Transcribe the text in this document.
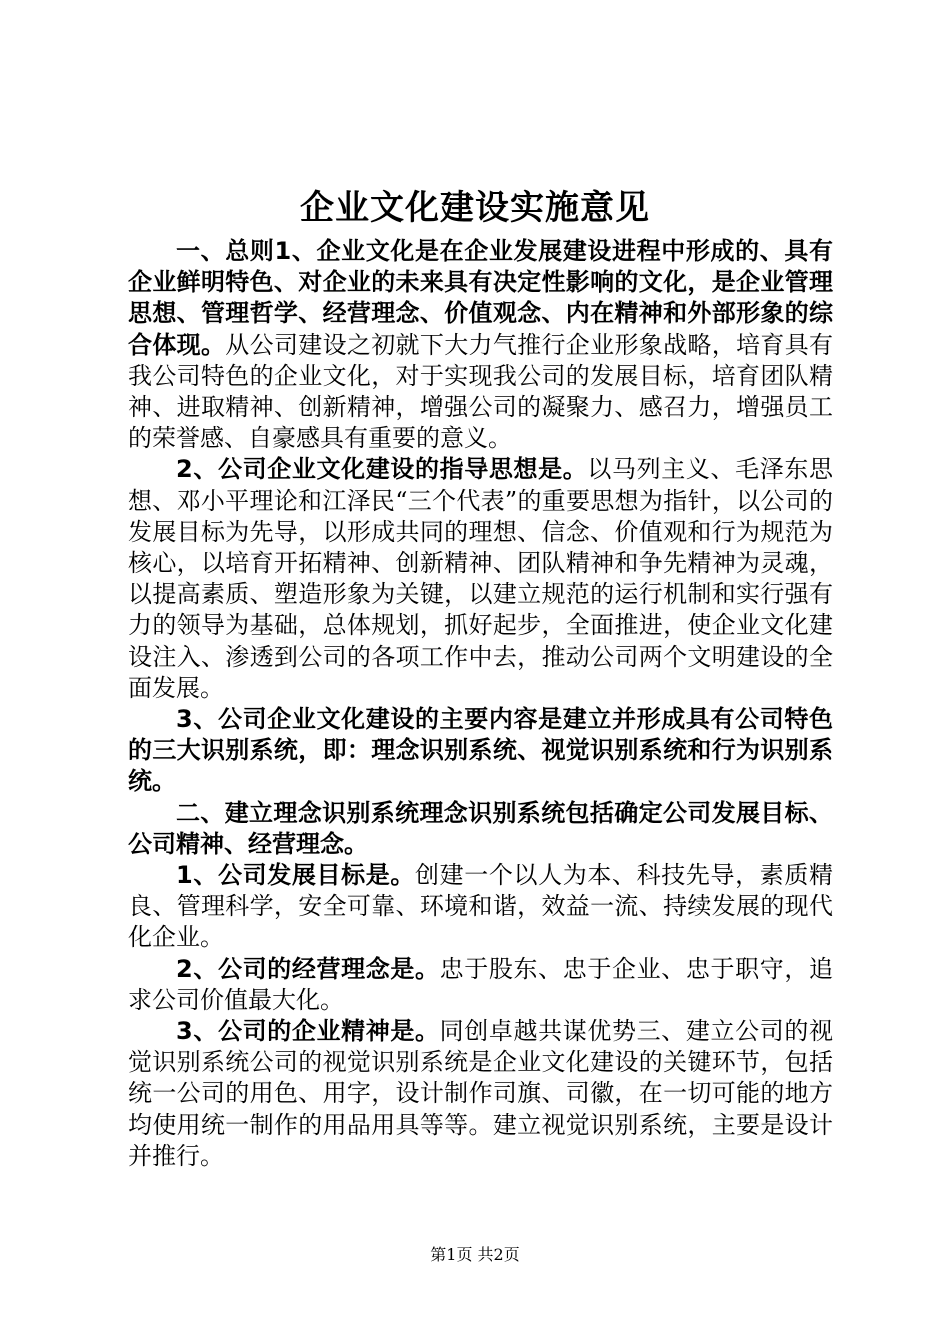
企业文化建设实施意见

一、总则1、企业文化是在企业发展建设进程中形成的、具有企业鲜明特色、对企业的未来具有决定性影响的文化，是企业管理思想、管理哲学、经营理念、价值观念、内在精神和外部形象的综合体现。从公司建设之初就下大力气推行企业形象战略，培育具有我公司特色的企业文化，对于实现我公司的发展目标，培育团队精神、进取精神、创新精神，增强公司的凝聚力、感召力，增强员工的荣誉感、自豪感具有重要的意义。

2、公司企业文化建设的指导思想是。以马列主义、毛泽东思想、邓小平理论和江泽民“三个代表”的重要思想为指针，以公司的发展目标为先导，以形成共同的理想、信念、价值观和行为规范为核心，以培育开拓精神、创新精神、团队精神和争先精神为灵魂，以提高素质、塑造形象为关键，以建立规范的运行机制和实行强有力的领导为基础，总体规划，抓好起步，全面推进，使企业文化建设注入、渗透到公司的各项工作中去，推动公司两个文明建设的全面发展。

3、公司企业文化建设的主要内容是建立并形成具有公司特色的三大识别系统，即：理念识别系统、视觉识别系统和行为识别系统。

二、建立理念识别系统理念识别系统包括确定公司发展目标、公司精神、经营理念。

1、公司发展目标是。创建一个以人为本、科技先导，素质精良、管理科学，安全可靠、环境和谐，效益一流、持续发展的现代化企业。

2、公司的经营理念是。忠于股东、忠于企业、忠于职守，追求公司价值最大化。

3、公司的企业精神是。同创卓越共谋优势三、建立公司的视觉识别系统公司的视觉识别系统是企业文化建设的关键环节，包括统一公司的用色、用字，设计制作司旗、司徽，在一切可能的地方均使用统一制作的用品用具等等。建立视觉识别系统，主要是设计并推行。

第1页 共2页
